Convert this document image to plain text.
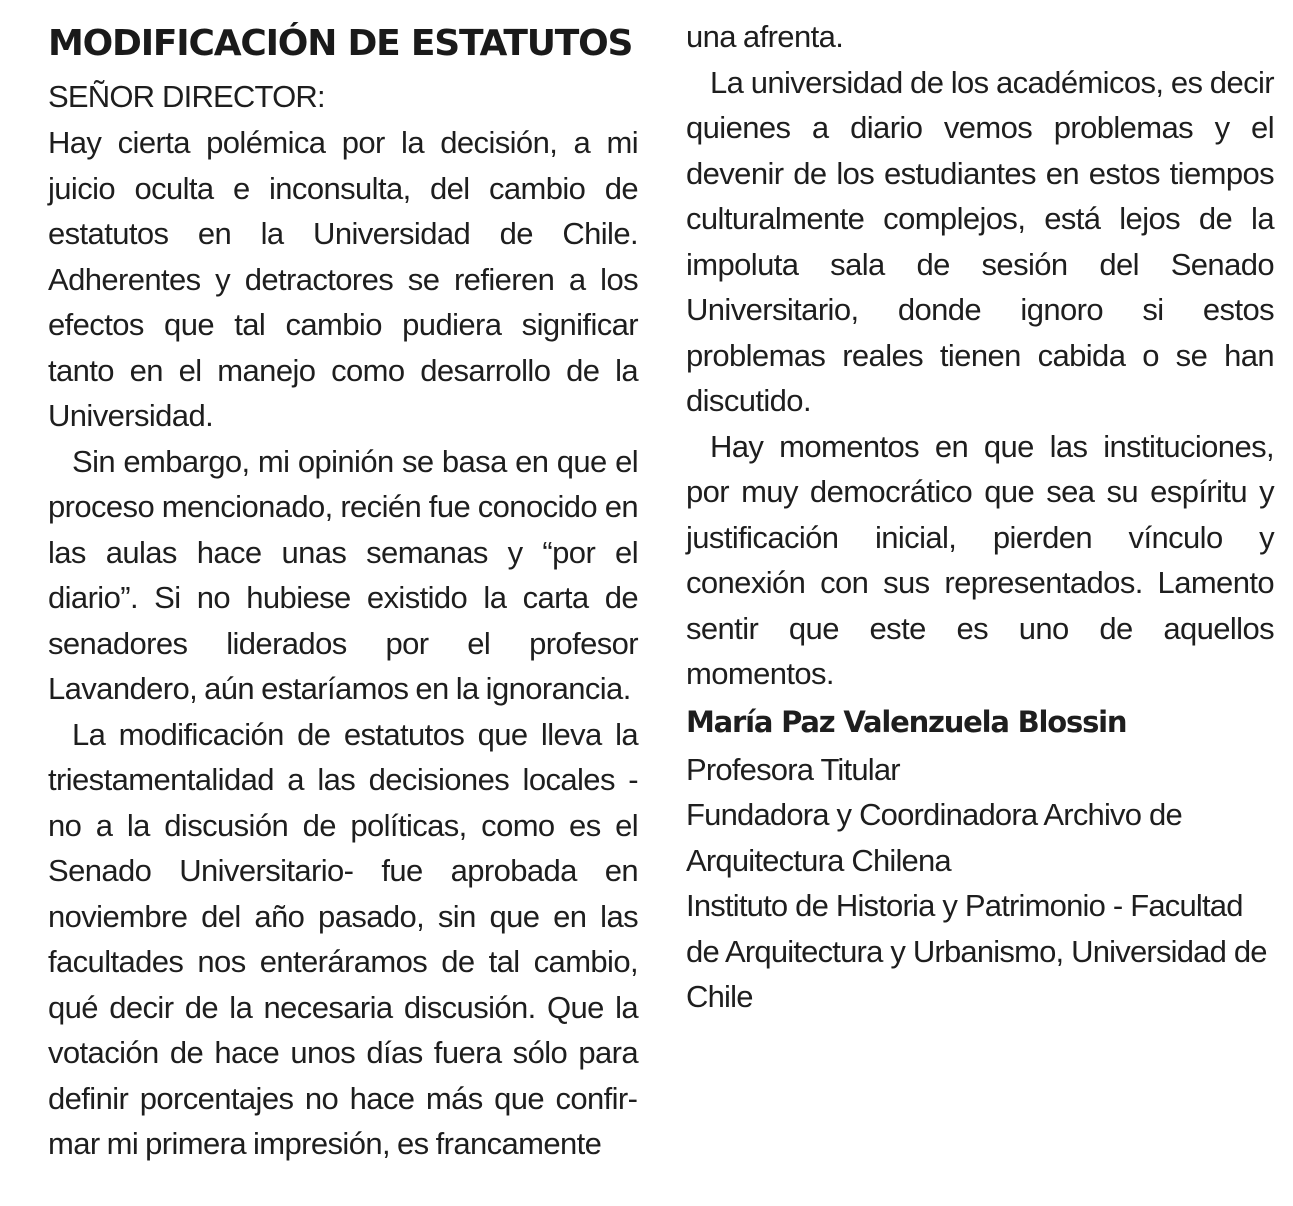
MODIFICACIÓN DE ESTATUTOS

SEÑOR DIRECTOR:

Hay cierta polémica por la decisión, a mi juicio oculta e inconsulta, del cambio de estatutos en la Universidad de Chile. Adherentes y detractores se refieren a los efectos que tal cambio pudiera significar tanto en el manejo como desarrollo de la Universidad.

Sin embargo, mi opinión se basa en que el proceso mencionado, recién fue conocido en las aulas hace unas semanas y “por el diario”. Si no hubiese existido la carta de senadores liderados por el profesor Lavandero, aún estaríamos en la ignorancia.

La modificación de estatutos que lleva la triestamentalidad a las decisiones locales -no a la discusión de políticas, como es el Senado Universitario- fue aprobada en noviembre del año pasado, sin que en las facultades nos enteráramos de tal cambio, qué decir de la necesaria discusión. Que la votación de hace unos días fuera sólo para definir porcentajes no hace más que confirmar mi primera impresión, es francamente

una afrenta.

La universidad de los académicos, es decir quienes a diario vemos problemas y el devenir de los estudiantes en estos tiempos culturalmente complejos, está lejos de la impoluta sala de sesión del Senado Universitario, donde ignoro si estos problemas reales tienen cabida o se han discutido.

Hay momentos en que las instituciones, por muy democrático que sea su espíritu y justificación inicial, pierden vínculo y conexión con sus representados. Lamento sentir que este es uno de aquellos momentos.

María Paz Valenzuela Blossin

Profesora Titular

Fundadora y Coordinadora Archivo de Arquitectura Chilena

Instituto de Historia y Patrimonio - Facultad de Arquitectura y Urbanismo, Universidad de Chile
